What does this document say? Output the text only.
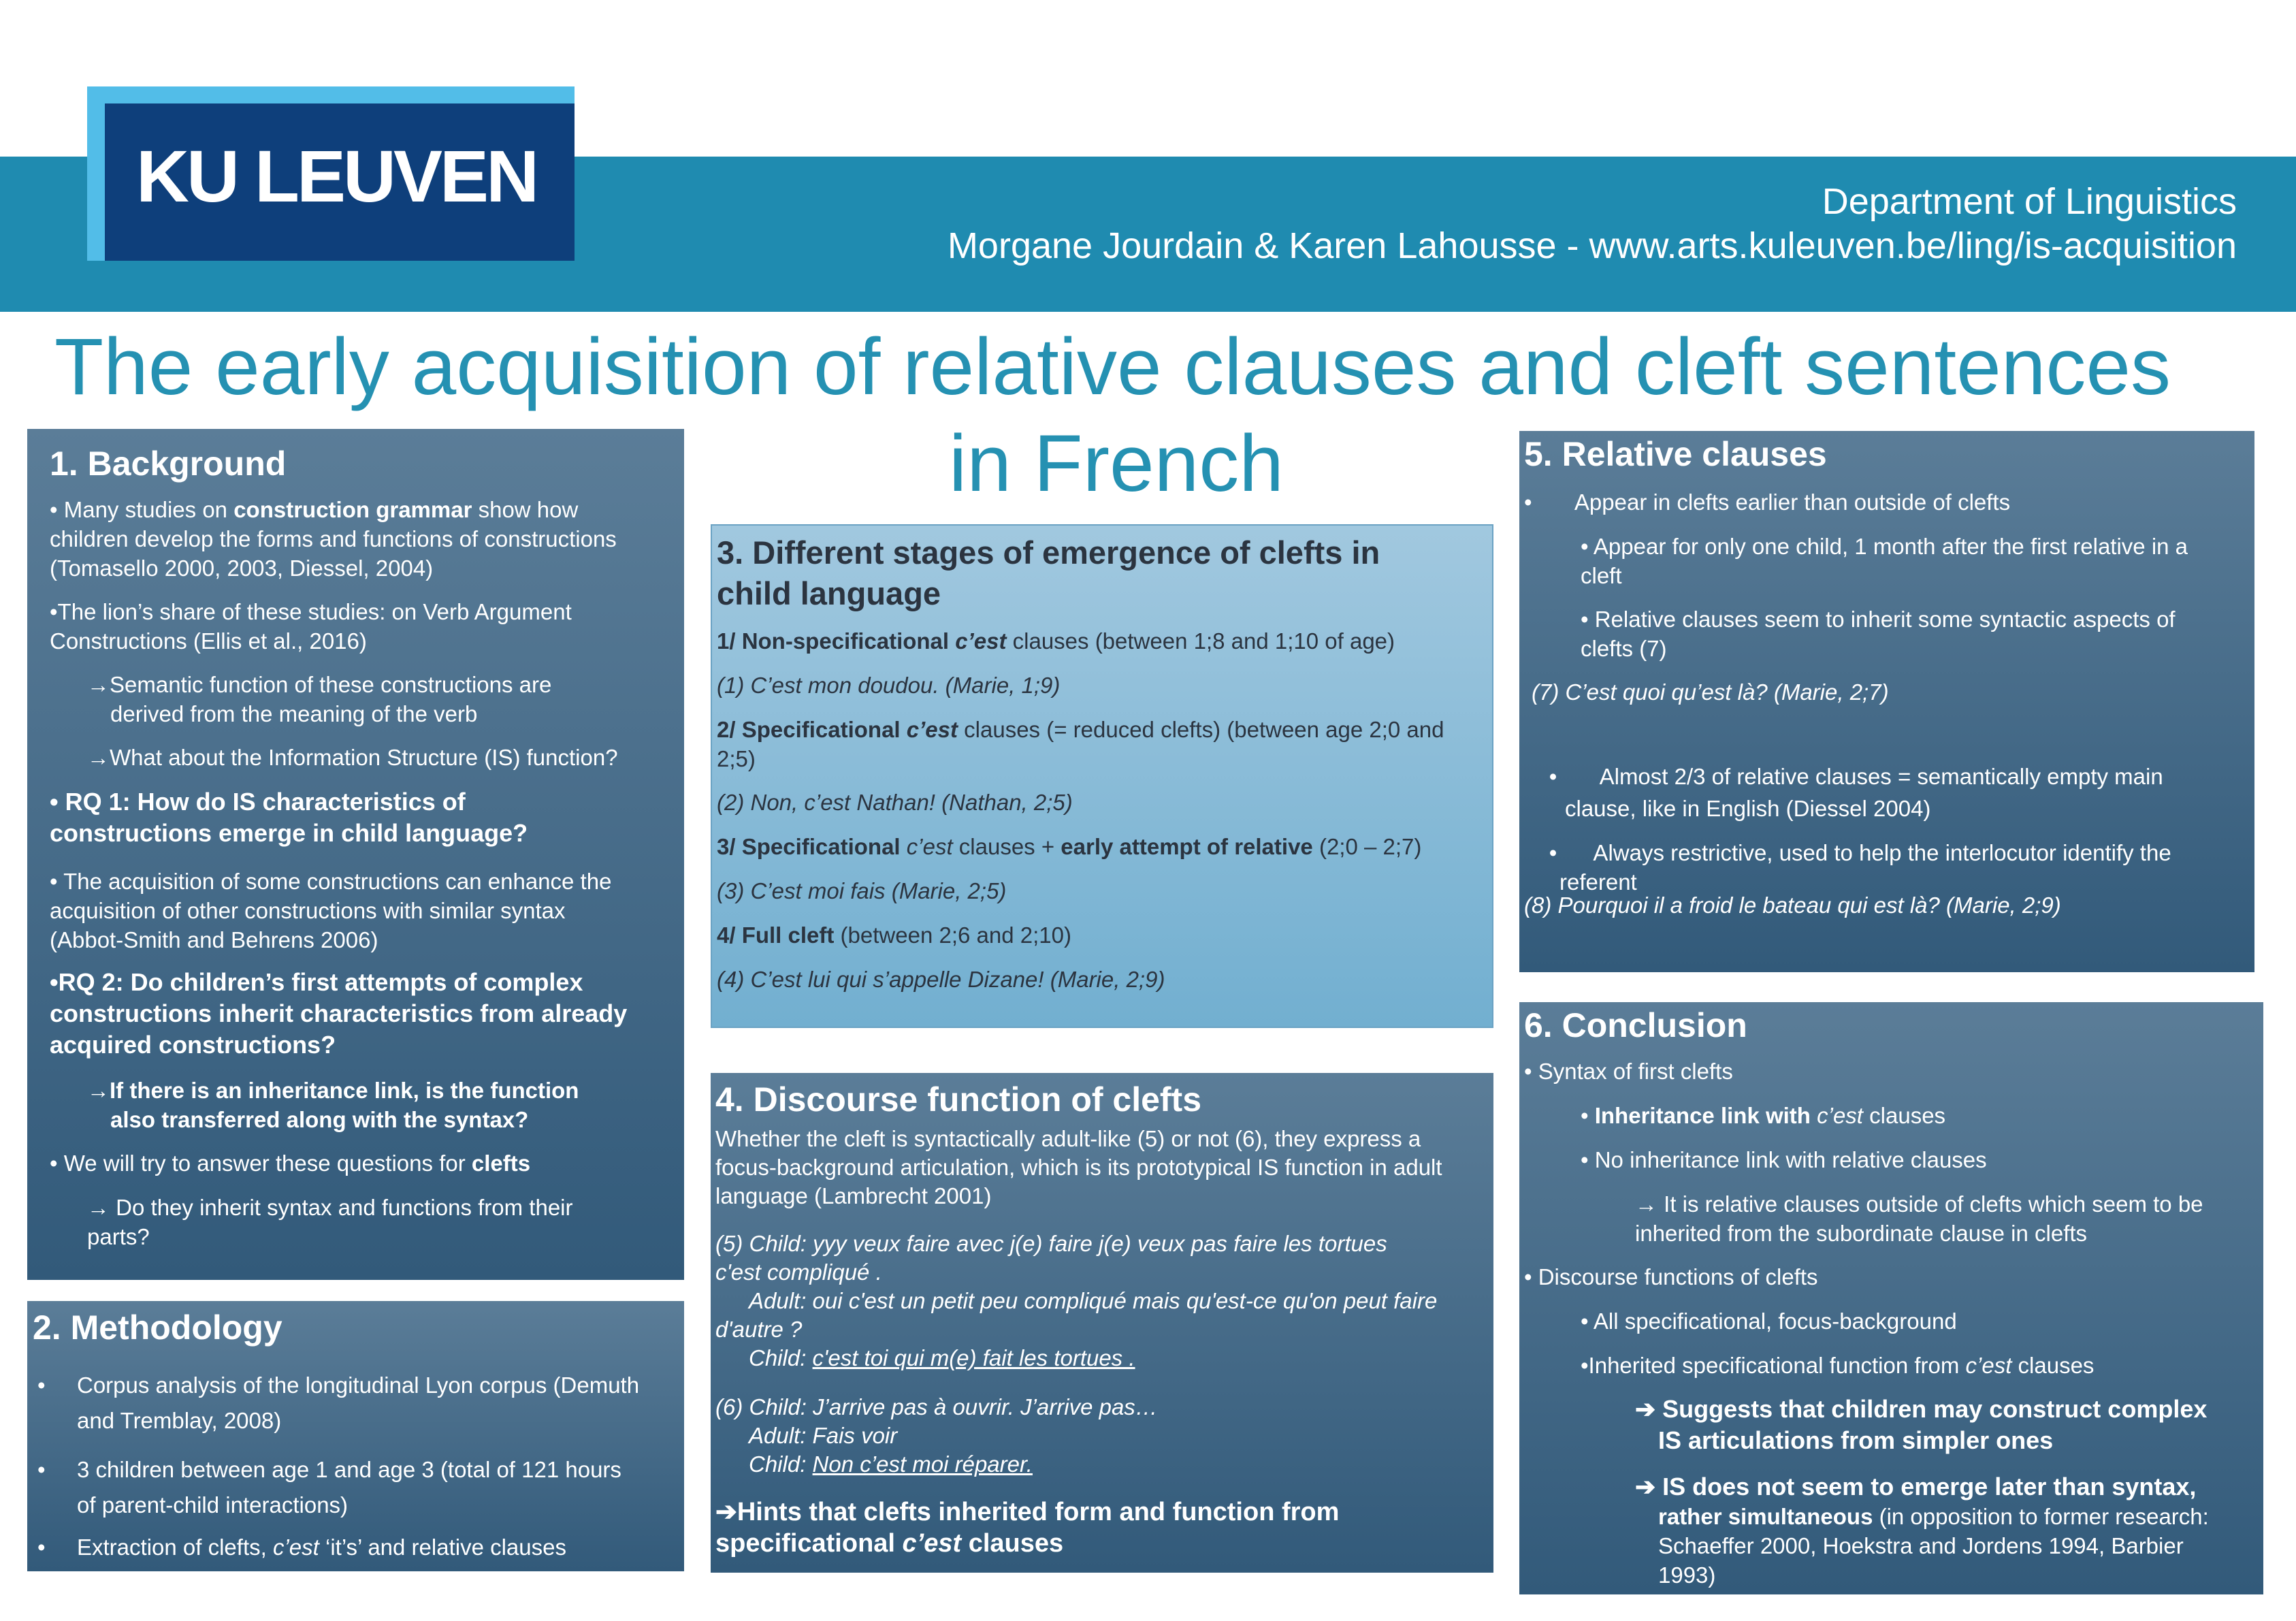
KU LEUVEN	Department of Linguistics
Morgane Jourdain & Karen Lahousse - www.arts.kuleuven.be/ling/is-acquisition
The early acquisition of relative clauses and cleft sentences
in French
1. Background
• Many studies on construction grammar show how
children develop the forms and functions of constructions
(Tomasello 2000, 2003, Diessel, 2004)
•The lion’s share of these studies: on Verb Argument
Constructions (Ellis et al., 2016)
→Semantic function of these constructions are
derived from the meaning of the verb
→What about the Information Structure (IS) function?
• RQ 1: How do IS characteristics of
constructions emerge in child language?
• The acquisition of some constructions can enhance the
acquisition of other constructions with similar syntax
(Abbot-Smith and Behrens 2006)
•RQ 2: Do children’s first attempts of complex
constructions inherit characteristics from already
acquired constructions?
→If there is an inheritance link, is the function
also transferred along with the syntax?
• We will try to answer these questions for clefts
→ Do they inherit syntax and functions from their
parts?
2. Methodology
• Corpus analysis of the longitudinal Lyon corpus (Demuth
and Tremblay, 2008)
• 3 children between age 1 and age 3 (total of 121 hours
of parent-child interactions)
• Extraction of clefts, c’est ‘it’s’ and relative clauses
3. Different stages of emergence of clefts in
child language
1/ Non-specificational c’est clauses (between 1;8 and 1;10 of age)
(1) C’est mon doudou. (Marie, 1;9)
2/ Specificational c’est clauses (= reduced clefts) (between age 2;0 and
2;5)
(2) Non, c’est Nathan! (Nathan, 2;5)
3/ Specificational c’est clauses + early attempt of relative (2;0 – 2;7)
(3) C’est moi fais (Marie, 2;5)
4/ Full cleft (between 2;6 and 2;10)
(4) C’est lui qui s’appelle Dizane! (Marie, 2;9)
4. Discourse function of clefts
Whether the cleft is syntactically adult-like (5) or not (6), they express a
focus-background articulation, which is its prototypical IS function in adult
language (Lambrecht 2001)
(5) Child: yyy veux faire avec j(e) faire j(e) veux pas faire les tortues
c'est compliqué .
Adult: oui c'est un petit peu compliqué mais qu'est-ce qu'on peut faire
d'autre ?
Child: c'est toi qui m(e) fait les tortues .
(6) Child: J’arrive pas à ouvrir. J’arrive pas…
Adult: Fais voir
Child: Non c’est moi réparer.
➔Hints that clefts inherited form and function from
specificational c’est clauses
5. Relative clauses
•       Appear in clefts earlier than outside of clefts
• Appear for only one child, 1 month after the first relative in a
cleft
• Relative clauses seem to inherit some syntactic aspects of
clefts (7)
(7) C’est quoi qu’est là? (Marie, 2;7)

•       Almost 2/3 of relative clauses = semantically empty main
clause, like in English (Diessel 2004)

•      Always restrictive, used to help the interlocutor identify the
referent

(8) Pourquoi il a froid le bateau qui est là? (Marie, 2;9)
6. Conclusion
• Syntax of first clefts
• Inheritance link with c’est clauses
• No inheritance link with relative clauses
→ It is relative clauses outside of clefts which seem to be
inherited from the subordinate clause in clefts
• Discourse functions of clefts
• All specificational, focus-background
•Inherited specificational function from c’est clauses
➔ Suggests that children may construct complex
IS articulations from simpler ones
➔ IS does not seem to emerge later than syntax,
rather simultaneous (in opposition to former research:
Schaeffer 2000, Hoekstra and Jordens 1994, Barbier
1993)
